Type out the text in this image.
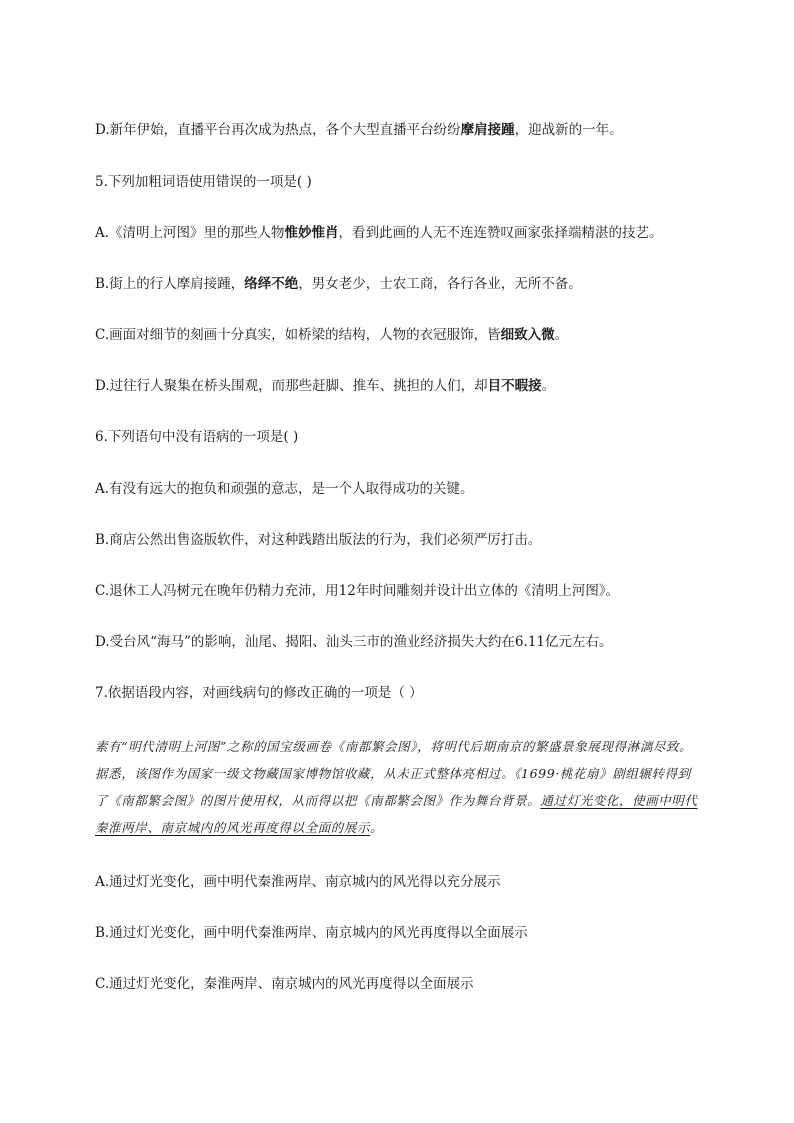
D.新年伊始，直播平台再次成为热点，各个大型直播平台纷纷摩肩接踵，迎战新的一年。
5.下列加粗词语使用错误的一项是( )
A.《清明上河图》里的那些人物惟妙惟肖，看到此画的人无不连连赞叹画家张择端精湛的技艺。
B.街上的行人摩肩接踵，络绎不绝，男女老少，士农工商，各行各业，无所不备。
C.画面对细节的刻画十分真实，如桥梁的结构，人物的衣冠服饰，皆细致入微。
D.过往行人聚集在桥头围观，而那些赶脚、推车、挑担的人们，却目不暇接。
6.下列语句中没有语病的一项是( )
A.有没有远大的抱负和顽强的意志，是一个人取得成功的关键。
B.商店公然出售盗版软件，对这种践踏出版法的行为，我们必须严厉打击。
C.退休工人冯树元在晚年仍精力充沛，用12年时间雕刻并设计出立体的《清明上河图》。
D.受台风“海马”的影响，汕尾、揭阳、汕头三市的渔业经济损失大约在6.11亿元左右。
7.依据语段内容，对画线病句的修改正确的一项是（ ）
素有“明代清明上河图”之称的国宝级画卷《南都繁会图》，将明代后期南京的繁盛景象展现得淋漓尽致。据悉，该图作为国家一级文物藏国家博物馆收藏，从未正式整体亮相过。《1699·桃花扇》剧组辗转得到了《南都繁会图》的图片使用权，从而得以把《南都繁会图》作为舞台背景。通过灯光变化，使画中明代秦淮两岸、南京城内的风光再度得以全面的展示。
A.通过灯光变化，画中明代秦淮两岸、南京城内的风光得以充分展示
B.通过灯光变化，画中明代秦淮两岸、南京城内的风光再度得以全面展示
C.通过灯光变化，秦淮两岸、南京城内的风光再度得以全面展示
